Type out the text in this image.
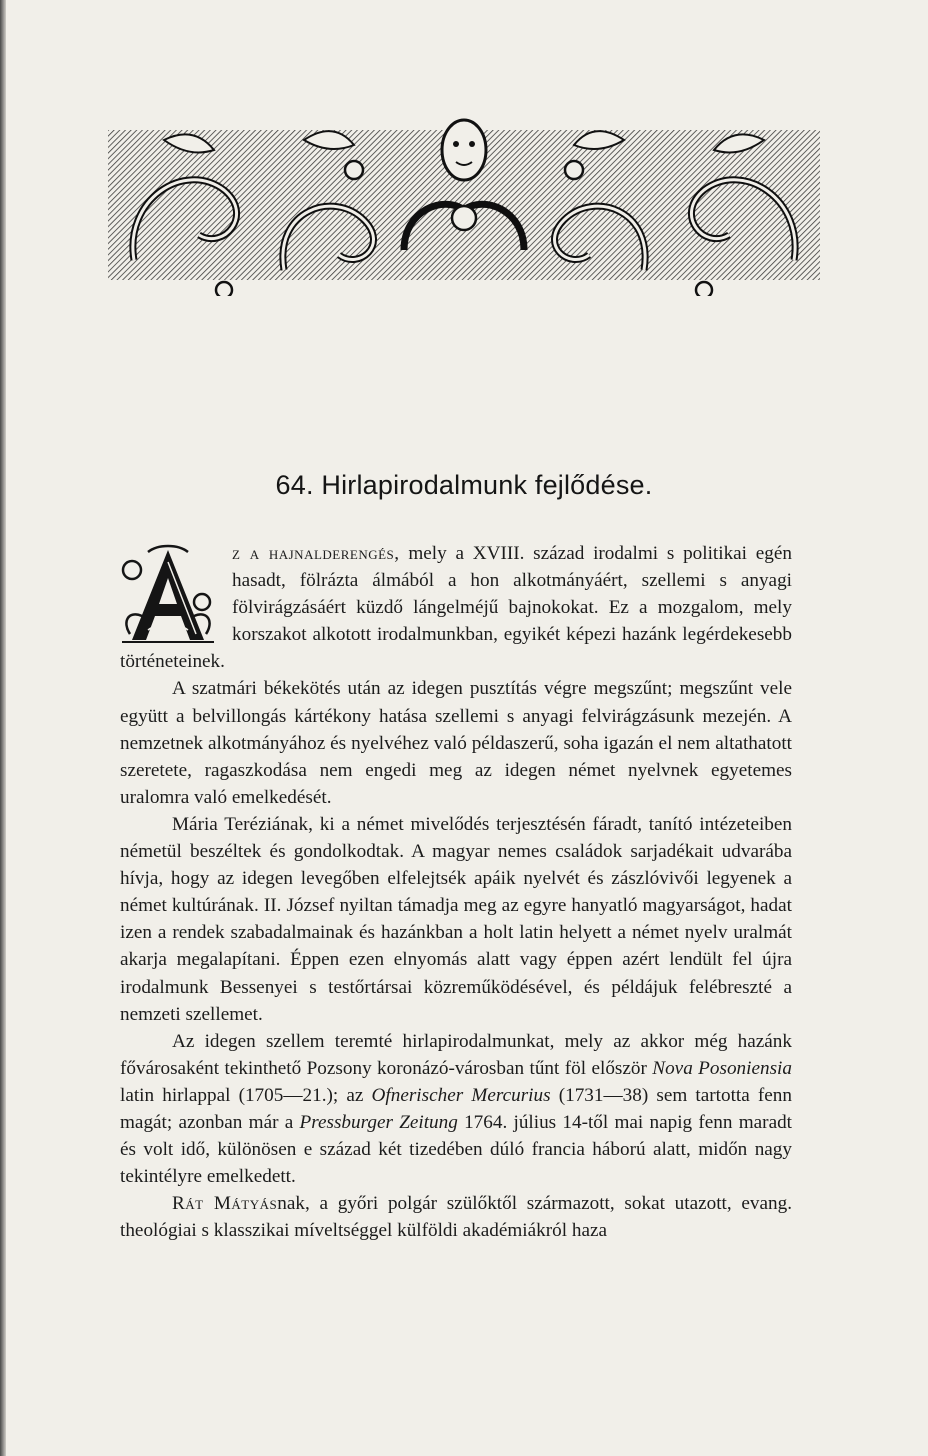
64. Hirlapirodalmunk fejlődése.

z a hajnalderengés, mely a XVIII. század irodalmi s politikai egén hasadt, fölrázta álmából a hon alkotmányáért, szellemi s anyagi fölvirágzásáért küzdő lángelméjű bajnokokat. Ez a mozgalom, mely korszakot alkotott irodalmunkban, egyikét képezi hazánk legérdekesebb történeteinek.

A szatmári békekötés után az idegen pusztítás végre megszűnt; megszűnt vele együtt a belvillongás kártékony hatása szellemi s anyagi felvirágzásunk mezején. A nemzetnek alkotmányához és nyelvéhez való példaszerű, soha igazán el nem altathatott szeretete, ragaszkodása nem engedi meg az idegen német nyelvnek egyetemes uralomra való emelkedését.

Mária Teréziának, ki a német mivelődés terjesztésén fáradt, tanító intézeteiben németül beszéltek és gondolkodtak. A magyar nemes családok sarjadékait udvarába hívja, hogy az idegen levegőben elfelejtsék apáik nyelvét és zászlóvivői legyenek a német kultúrának. II. József nyiltan támadja meg az egyre hanyatló magyarságot, hadat izen a rendek szabadalmainak és hazánkban a holt latin helyett a német nyelv uralmát akarja megalapítani. Éppen ezen elnyomás alatt vagy éppen azért lendült fel újra irodalmunk Bessenyei s testőrtársai közreműködésével, és példájuk felébreszté a nemzeti szellemet.

Az idegen szellem teremté hirlapirodalmunkat, mely az akkor még hazánk fővárosaként tekinthető Pozsony koronázó-városban tűnt föl először Nova Posoniensia latin hirlappal (1705—21.); az Ofnerischer Mercurius (1731—38) sem tartotta fenn magát; azonban már a Pressburger Zeitung 1764. július 14-től mai napig fenn maradt és volt idő, különösen e század két tizedében dúló francia háború alatt, midőn nagy tekintélyre emelkedett.

Rát Mátyásnak, a győri polgár szülőktől származott, sokat utazott, evang. theológiai s klasszikai míveltséggel külföldi akadémiákról haza
